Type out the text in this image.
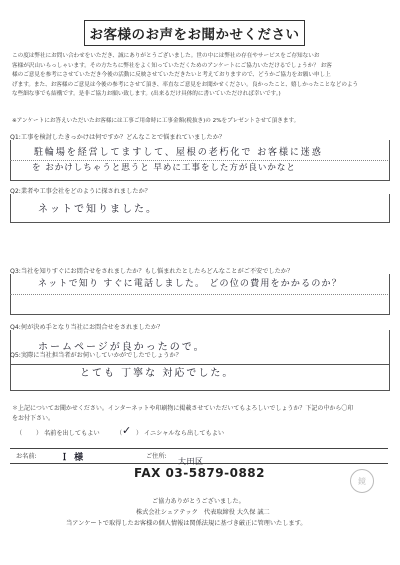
お客様のお声をお聞かせください
この度は弊社にお問い合わせをいただき、誠にありがとうございました。世の中には弊社の存在やサービスをご存知ないお
客様が沢山いらっしゃいます。その方たちに弊社をよく知っていただくためのアンケートにご協力いただけるでしょうか？ お客
様のご意見を参考にさせていただき今後の活動に反映させていただきたいと考えておりますので、どうかご協力をお願い申し上
げます。また、お客様のご意見は今後の参考にさせて頂き、率直なご意見をお聞かせください。良かったこと、嬉しかったことなどのよう
な些細な事でも結構です。是非ご協力お願い致します。(出来るだけ具体的に書いていただければ幸いです。)
※アンケートにお答えいただいたお客様には工事ご用命時に工事金額(税抜き)の 2%をプレゼントさせて頂きます。
Q1:工事を検討したきっかけは何ですか？どんなことで悩まれていましたか？
駐輪場を経営してますして、屋根の老朽化で お客様に迷惑
を おかけしちゃうと思うと 早めに工事をした方が良いかなと
Q2:業者や工事会社をどのように探されましたか？
ネットで知りました。
Q3:当社を知りすぐにお問合せをされましたか？もし悩まれたとしたらどんなことがご不安でしたか？
ネットで知り すぐに電話しました。 どの位の費用をかかるのか？
Q4:何が決め手となり当社にお問合せをされましたか？
ホームページが良かったので。
Q5:実際に当社担当者がお伺いしていかがでしたでしょうか？
とても 丁寧な 対応でした。
＊上記についてお聞かせください。インターネットや印刷物に掲載させていただいてもよろしいでしょうか？下記の中から〇印
をお付下さい。
（ ） 名前を出してもよい	（ ✓ ） イニシャルなら出してもよい
お名前:	Ｉ 様	ご住所:
大田区
FAX 03-5879-0882
鏡
ご協力ありがとうございました。
株式会社シェアテック　代表取締役 大久保 誠二
当アンケートで取得したお客様の個人情報は関係法規に基づき厳正に管理いたします。
